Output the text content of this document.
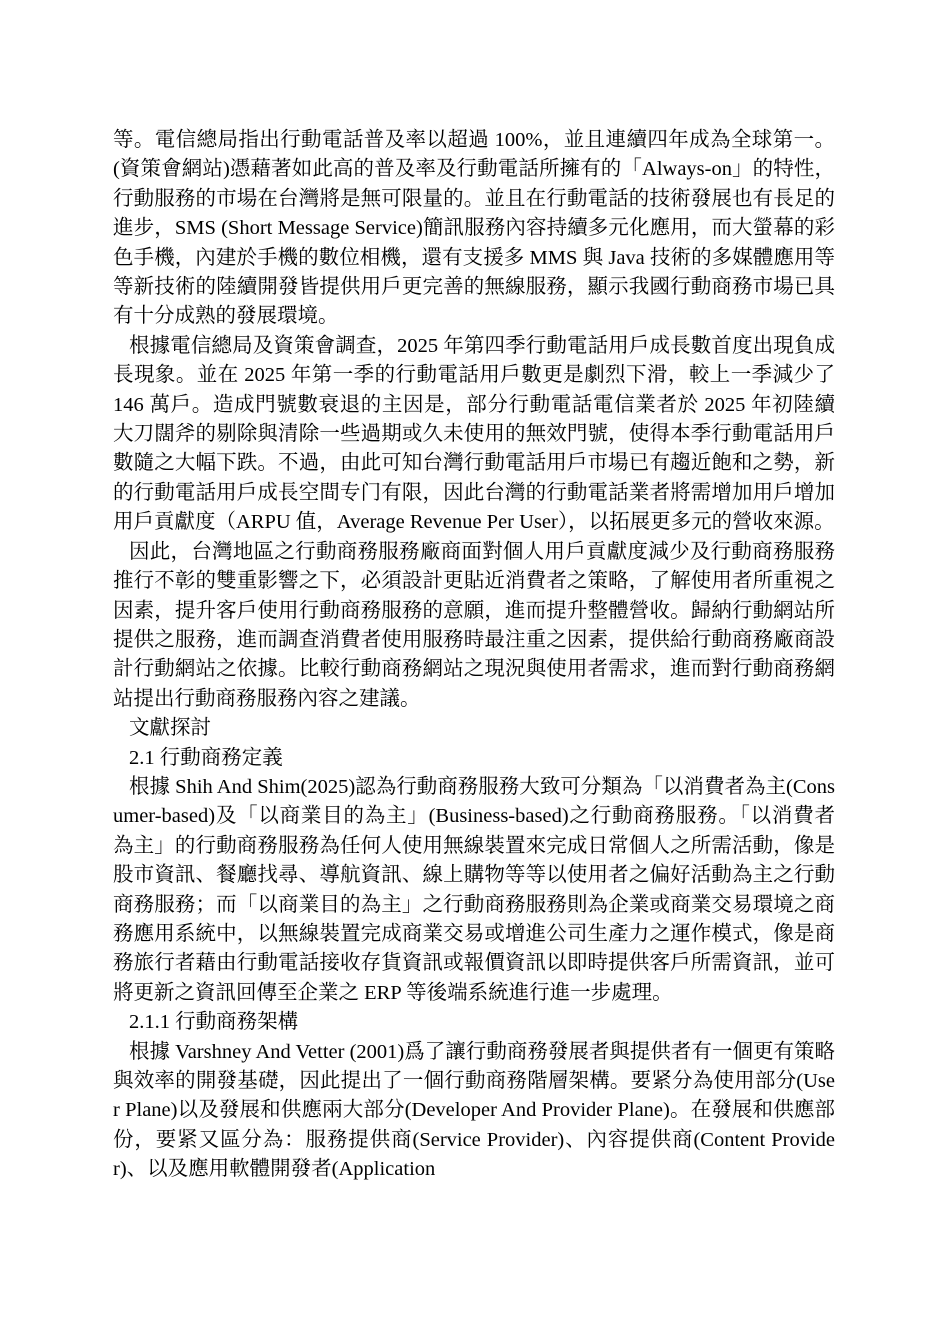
等。電信總局指出行動電話普及率以超過 100%，並且連續四年成為全球第一。(資策會網站)憑藉著如此高的普及率及行動電話所擁有的「Always-on」的特性，行動服務的市場在台灣將是無可限量的。並且在行動電話的技術發展也有長足的進步，SMS (Short Message Service)簡訊服務內容持續多元化應用，而大螢幕的彩色手機，內建於手機的數位相機，還有支援多 MMS 與 Java 技術的多媒體應用等等新技術的陸續開發皆提供用戶更完善的無線服務，顯示我國行動商務市場已具有十分成熟的發展環境。

根據電信總局及資策會調查，2025 年第四季行動電話用戶成長數首度出現負成長現象。並在 2025 年第一季的行動電話用戶數更是劇烈下滑，較上一季減少了 146 萬戶。造成門號數衰退的主因是，部分行動電話電信業者於 2025 年初陸續大刀闊斧的剔除與清除一些過期或久未使用的無效門號，使得本季行動電話用戶數隨之大幅下跌。不過，由此可知台灣行動電話用戶市場已有趨近飽和之勢，新的行動電話用戶成長空間专门有限，因此台灣的行動電話業者將需增加用戶增加用戶貢獻度（ARPU 值，Average Revenue Per User），以拓展更多元的營收來源。

因此，台灣地區之行動商務服務廠商面對個人用戶貢獻度減少及行動商務服務推行不彰的雙重影響之下，必須設計更貼近消費者之策略，了解使用者所重視之因素，提升客戶使用行動商務服務的意願，進而提升整體營收。歸納行動網站所提供之服務，進而調查消費者使用服務時最注重之因素，提供給行動商務廠商設計行動網站之依據。比較行動商務網站之現況與使用者需求，進而對行動商務網站提出行動商務服務內容之建議。

文獻探討

2.1 行動商務定義

根據 Shih And Shim(2025)認為行動商務服務大致可分類為「以消費者為主(Consumer-based)及「以商業目的為主」(Business-based)之行動商務服務。「以消費者為主」的行動商務服務為任何人使用無線裝置來完成日常個人之所需活動，像是股市資訊、餐廳找尋、導航資訊、線上購物等等以使用者之偏好活動為主之行動商務服務；而「以商業目的為主」之行動商務服務則為企業或商業交易環境之商務應用系統中，以無線裝置完成商業交易或增進公司生產力之運作模式，像是商務旅行者藉由行動電話接收存貨資訊或報價資訊以即時提供客戶所需資訊，並可將更新之資訊回傳至企業之 ERP 等後端系統進行進一步處理。

2.1.1 行動商務架構

根據 Varshney And Vetter (2001)爲了讓行動商務發展者與提供者有一個更有策略與效率的開發基礎，因此提出了一個行動商務階層架構。要紧分為使用部分(User Plane)以及發展和供應兩大部分(Developer And Provider Plane)。在發展和供應部份，要紧又區分為：服務提供商(Service Provider)、內容提供商(Content Provider)、以及應用軟體開發者(Application
